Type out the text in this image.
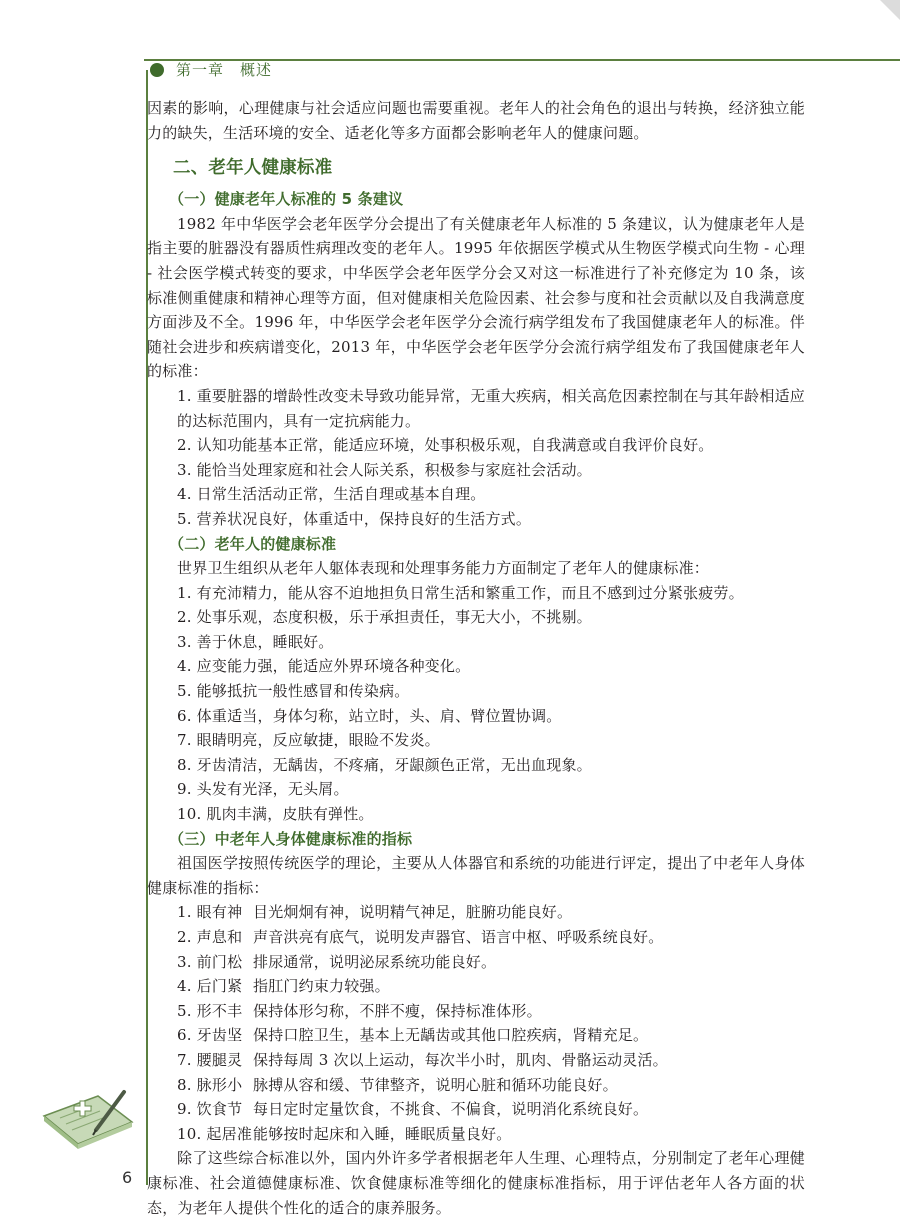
第一章　概述

因素的影响，心理健康与社会适应问题也需要重视。老年人的社会角色的退出与转换，经济独立能力的缺失，生活环境的安全、适老化等多方面都会影响老年人的健康问题。

二、老年人健康标准

（一）健康老年人标准的 5 条建议

1982 年中华医学会老年医学分会提出了有关健康老年人标准的 5 条建议，认为健康老年人是指主要的脏器没有器质性病理改变的老年人。1995 年依据医学模式从生物医学模式向生物 - 心理 - 社会医学模式转变的要求，中华医学会老年医学分会又对这一标准进行了补充修定为 10 条，该标准侧重健康和精神心理等方面，但对健康相关危险因素、社会参与度和社会贡献以及自我满意度方面涉及不全。1996 年，中华医学会老年医学分会流行病学组发布了我国健康老年人的标准。伴随社会进步和疾病谱变化，2013 年，中华医学会老年医学分会流行病学组发布了我国健康老年人的标准：

1. 重要脏器的增龄性改变未导致功能异常，无重大疾病，相关高危因素控制在与其年龄相适应的达标范围内，具有一定抗病能力。

2. 认知功能基本正常，能适应环境，处事积极乐观，自我满意或自我评价良好。

3. 能恰当处理家庭和社会人际关系，积极参与家庭社会活动。

4. 日常生活活动正常，生活自理或基本自理。

5. 营养状况良好，体重适中，保持良好的生活方式。

（二）老年人的健康标准

世界卫生组织从老年人躯体表现和处理事务能力方面制定了老年人的健康标准：

1. 有充沛精力，能从容不迫地担负日常生活和繁重工作，而且不感到过分紧张疲劳。

2. 处事乐观，态度积极，乐于承担责任，事无大小，不挑剔。

3. 善于休息，睡眠好。

4. 应变能力强，能适应外界环境各种变化。

5. 能够抵抗一般性感冒和传染病。

6. 体重适当，身体匀称，站立时，头、肩、臂位置协调。

7. 眼睛明亮，反应敏捷，眼睑不发炎。

8. 牙齿清洁，无龋齿，不疼痛，牙龈颜色正常，无出血现象。

9. 头发有光泽，无头屑。

10. 肌肉丰满，皮肤有弹性。

（三）中老年人身体健康标准的指标

祖国医学按照传统医学的理论，主要从人体器官和系统的功能进行评定，提出了中老年人身体健康标准的指标：

1. 眼有神 目光炯炯有神，说明精气神足，脏腑功能良好。

2. 声息和 声音洪亮有底气，说明发声器官、语言中枢、呼吸系统良好。

3. 前门松 排尿通常，说明泌尿系统功能良好。

4. 后门紧 指肛门约束力较强。

5. 形不丰 保持体形匀称，不胖不瘦，保持标准体形。

6. 牙齿坚 保持口腔卫生，基本上无龋齿或其他口腔疾病，肾精充足。

7. 腰腿灵 保持每周 3 次以上运动，每次半小时，肌肉、骨骼运动灵活。

8. 脉形小 脉搏从容和缓、节律整齐，说明心脏和循环功能良好。

9. 饮食节 每日定时定量饮食，不挑食、不偏食，说明消化系统良好。

10. 起居准能够按时起床和入睡，睡眠质量良好。

除了这些综合标准以外，国内外许多学者根据老年人生理、心理特点，分别制定了老年心理健康标准、社会道德健康标准、饮食健康标准等细化的健康标准指标，用于评估老年人各方面的状态，为老年人提供个性化的适合的康养服务。

6
